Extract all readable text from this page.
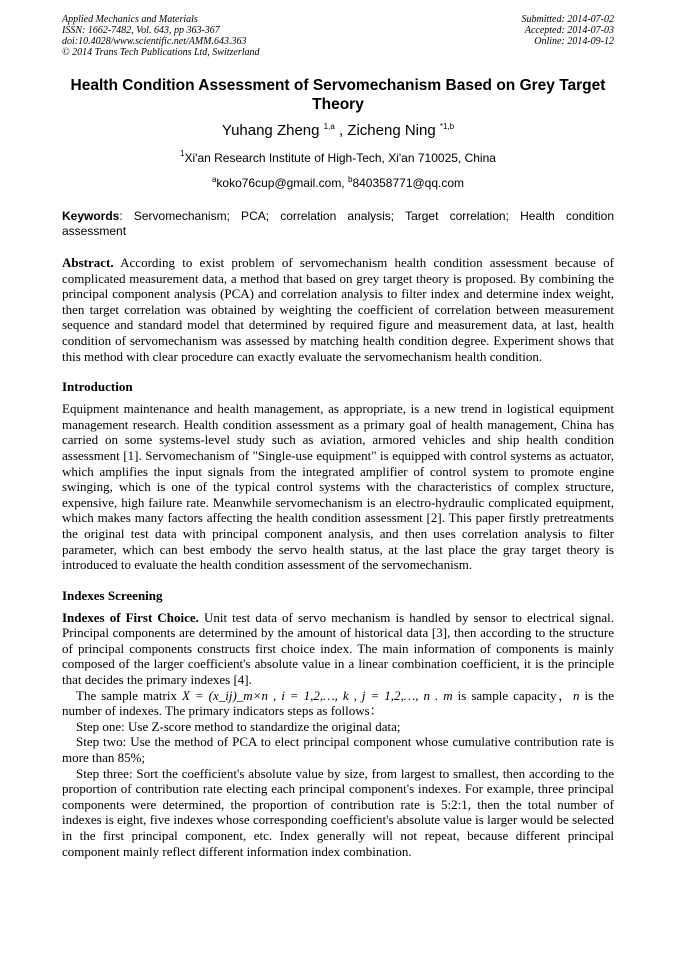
Applied Mechanics and Materials
ISSN: 1662-7482, Vol. 643, pp 363-367
doi:10.4028/www.scientific.net/AMM.643.363
© 2014 Trans Tech Publications Ltd, Switzerland
Submitted: 2014-07-02
Accepted: 2014-07-03
Online: 2014-09-12
Health Condition Assessment of Servomechanism Based on Grey Target Theory
Yuhang Zheng $^{1,a}$ , Zicheng Ning $^{*1,b}$
$^1$Xi'an Research Institute of High-Tech, Xi'an 710025, China
$^a$koko76cup@gmail.com, $^b$840358771@qq.com
Keywords: Servomechanism; PCA; correlation analysis; Target correlation; Health condition assessment
Abstract. According to exist problem of servomechanism health condition assessment because of complicated measurement data, a method that based on grey target theory is proposed. By combining the principal component analysis (PCA) and correlation analysis to filter index and determine index weight, then target correlation was obtained by weighting the coefficient of correlation between measurement sequence and standard model that determined by required figure and measurement data, at last, health condition of servomechanism was assessed by matching health condition degree. Experiment shows that this method with clear procedure can exactly evaluate the servomechanism health condition.
Introduction
Equipment maintenance and health management, as appropriate, is a new trend in logistical equipment management research. Health condition assessment as a primary goal of health management, China has carried on some systems-level study such as aviation, armored vehicles and ship health condition assessment [1]. Servomechanism of "Single-use equipment" is equipped with control systems as actuator, which amplifies the input signals from the integrated amplifier of control system to promote engine swinging, which is one of the typical control systems with the characteristics of complex structure, expensive, high failure rate. Meanwhile servomechanism is an electro-hydraulic complicated equipment, which makes many factors affecting the health condition assessment [2]. This paper firstly pretreatments the original test data with principal component analysis, and then uses correlation analysis to filter parameter, which can best embody the servo health status, at the last place the gray target theory is introduced to evaluate the health condition assessment of the servomechanism.
Indexes Screening
Indexes of First Choice. Unit test data of servo mechanism is handled by sensor to electrical signal. Principal components are determined by the amount of historical data [3], then according to the structure of principal components constructs first choice index. The main information of components is mainly composed of the larger coefficient's absolute value in a linear combination coefficient, it is the principle that decides the primary indexes [4].
The sample matrix X = (x_ij)_m×n , i = 1,2,…, k , j = 1,2,…, n . m is sample capacity，n is the number of indexes. The primary indicators steps as follows：
Step one: Use Z-score method to standardize the original data;
Step two: Use the method of PCA to elect principal component whose cumulative contribution rate is more than 85%;
Step three: Sort the coefficient's absolute value by size, from largest to smallest, then according to the proportion of contribution rate electing each principal component's indexes. For example, three principal components were determined, the proportion of contribution rate is 5:2:1, then the total number of indexes is eight, five indexes whose corresponding coefficient's absolute value is larger would be selected in the first principal component, etc. Index generally will not repeat, because different principal component mainly reflect different information index combination.
